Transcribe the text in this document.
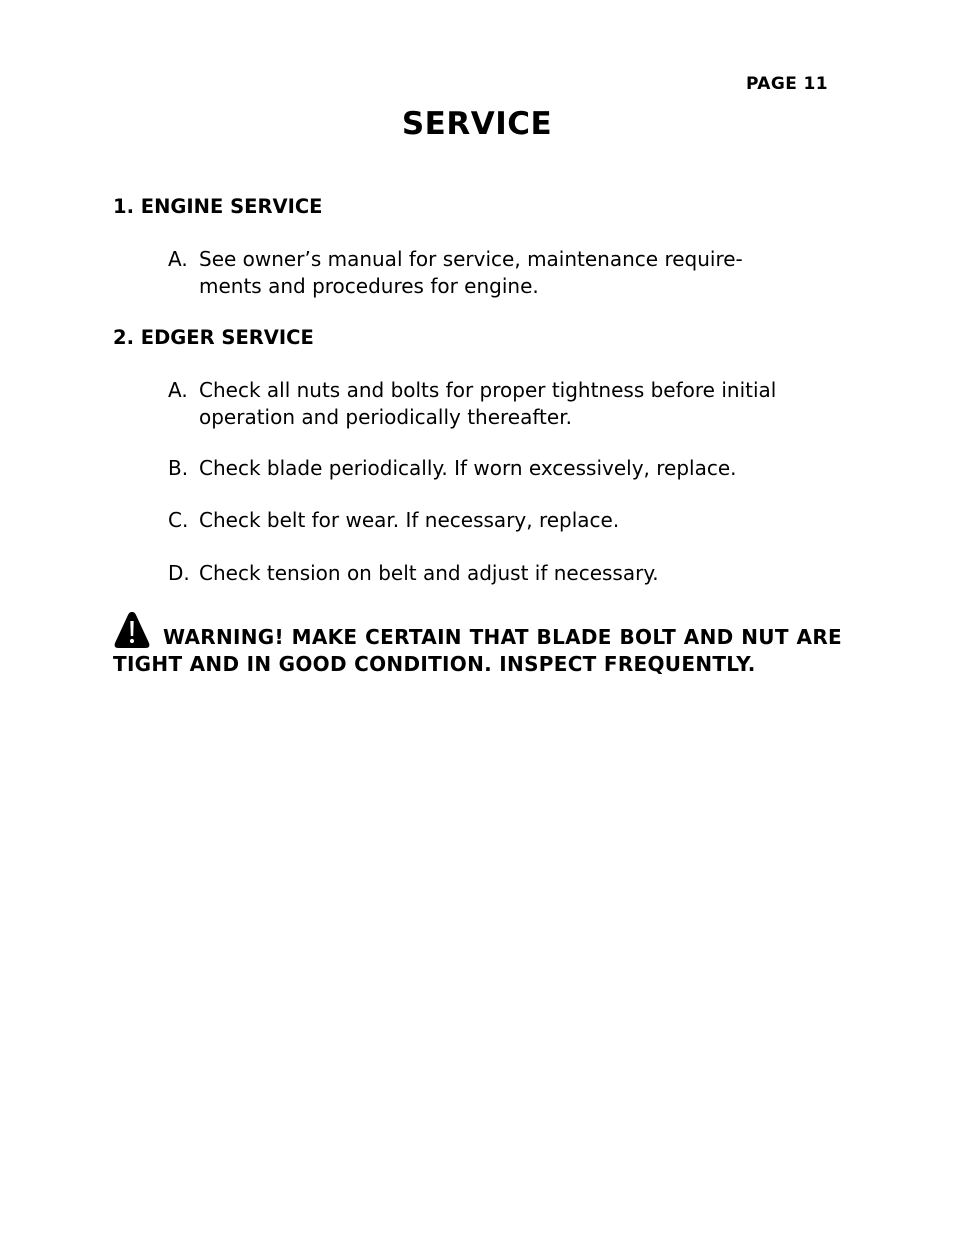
PAGE 11
SERVICE
1. ENGINE SERVICE

A. See owner’s manual for service, maintenance require-
ments and procedures for engine.

2. EDGER SERVICE

A. Check all nuts and bolts for proper tightness before initial
operation and periodically thereafter.

B. Check blade periodically. If worn excessively, replace.

C. Check belt for wear. If necessary, replace.

D. Check tension on belt and adjust if necessary.

WARNING! MAKE CERTAIN THAT BLADE BOLT AND NUT ARE TIGHT AND IN GOOD CONDITION. INSPECT FREQUENTLY.
